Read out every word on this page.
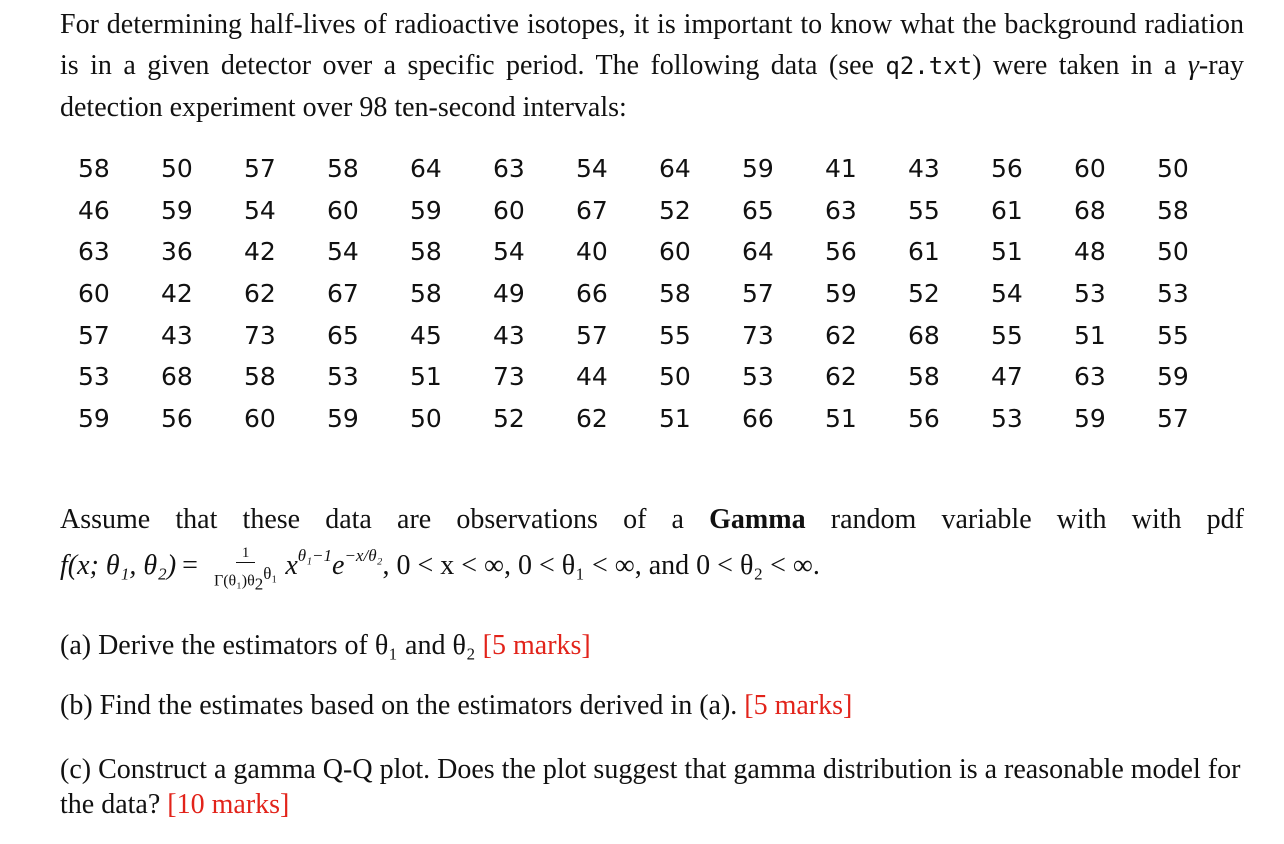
For determining half-lives of radioactive isotopes, it is important to know what the background radiation is in a given detector over a specific period. The following data (see q2.txt) were taken in a γ-ray detection experiment over 98 ten-second intervals:

58	50	57	58	64	63	54	64	59	41	43	56	60	50
46	59	54	60	59	60	67	52	65	63	55	61	68	58
63	36	42	54	58	54	40	60	64	56	61	51	48	50
60	42	62	67	58	49	66	58	57	59	52	54	53	53
57	43	73	65	45	43	57	55	73	62	68	55	51	55
53	68	58	53	51	73	44	50	53	62	58	47	63	59
59	56	60	59	50	52	62	51	66	51	56	53	59	57

Assume that these data are observations of a Gamma random variable with with pdf

f(x; θ₁, $\theta_2) = \frac{1}{\Gamma(\theta_1)\theta_2^{\theta_1}} x^{\theta_1-1}$ $e^{-x/\theta_2}$ , 0 < x < ∞, 0 < θ₁ < ∞, and 0 < θ₂ < ∞.

(a) Derive the estimators of θ₁ and θ₂ [5 marks]

(b) Find the estimates based on the estimators derived in (a). [5 marks]

(c) Construct a gamma Q-Q plot. Does the plot suggest that gamma distribution is a reasonable model for the data? [10 marks]
